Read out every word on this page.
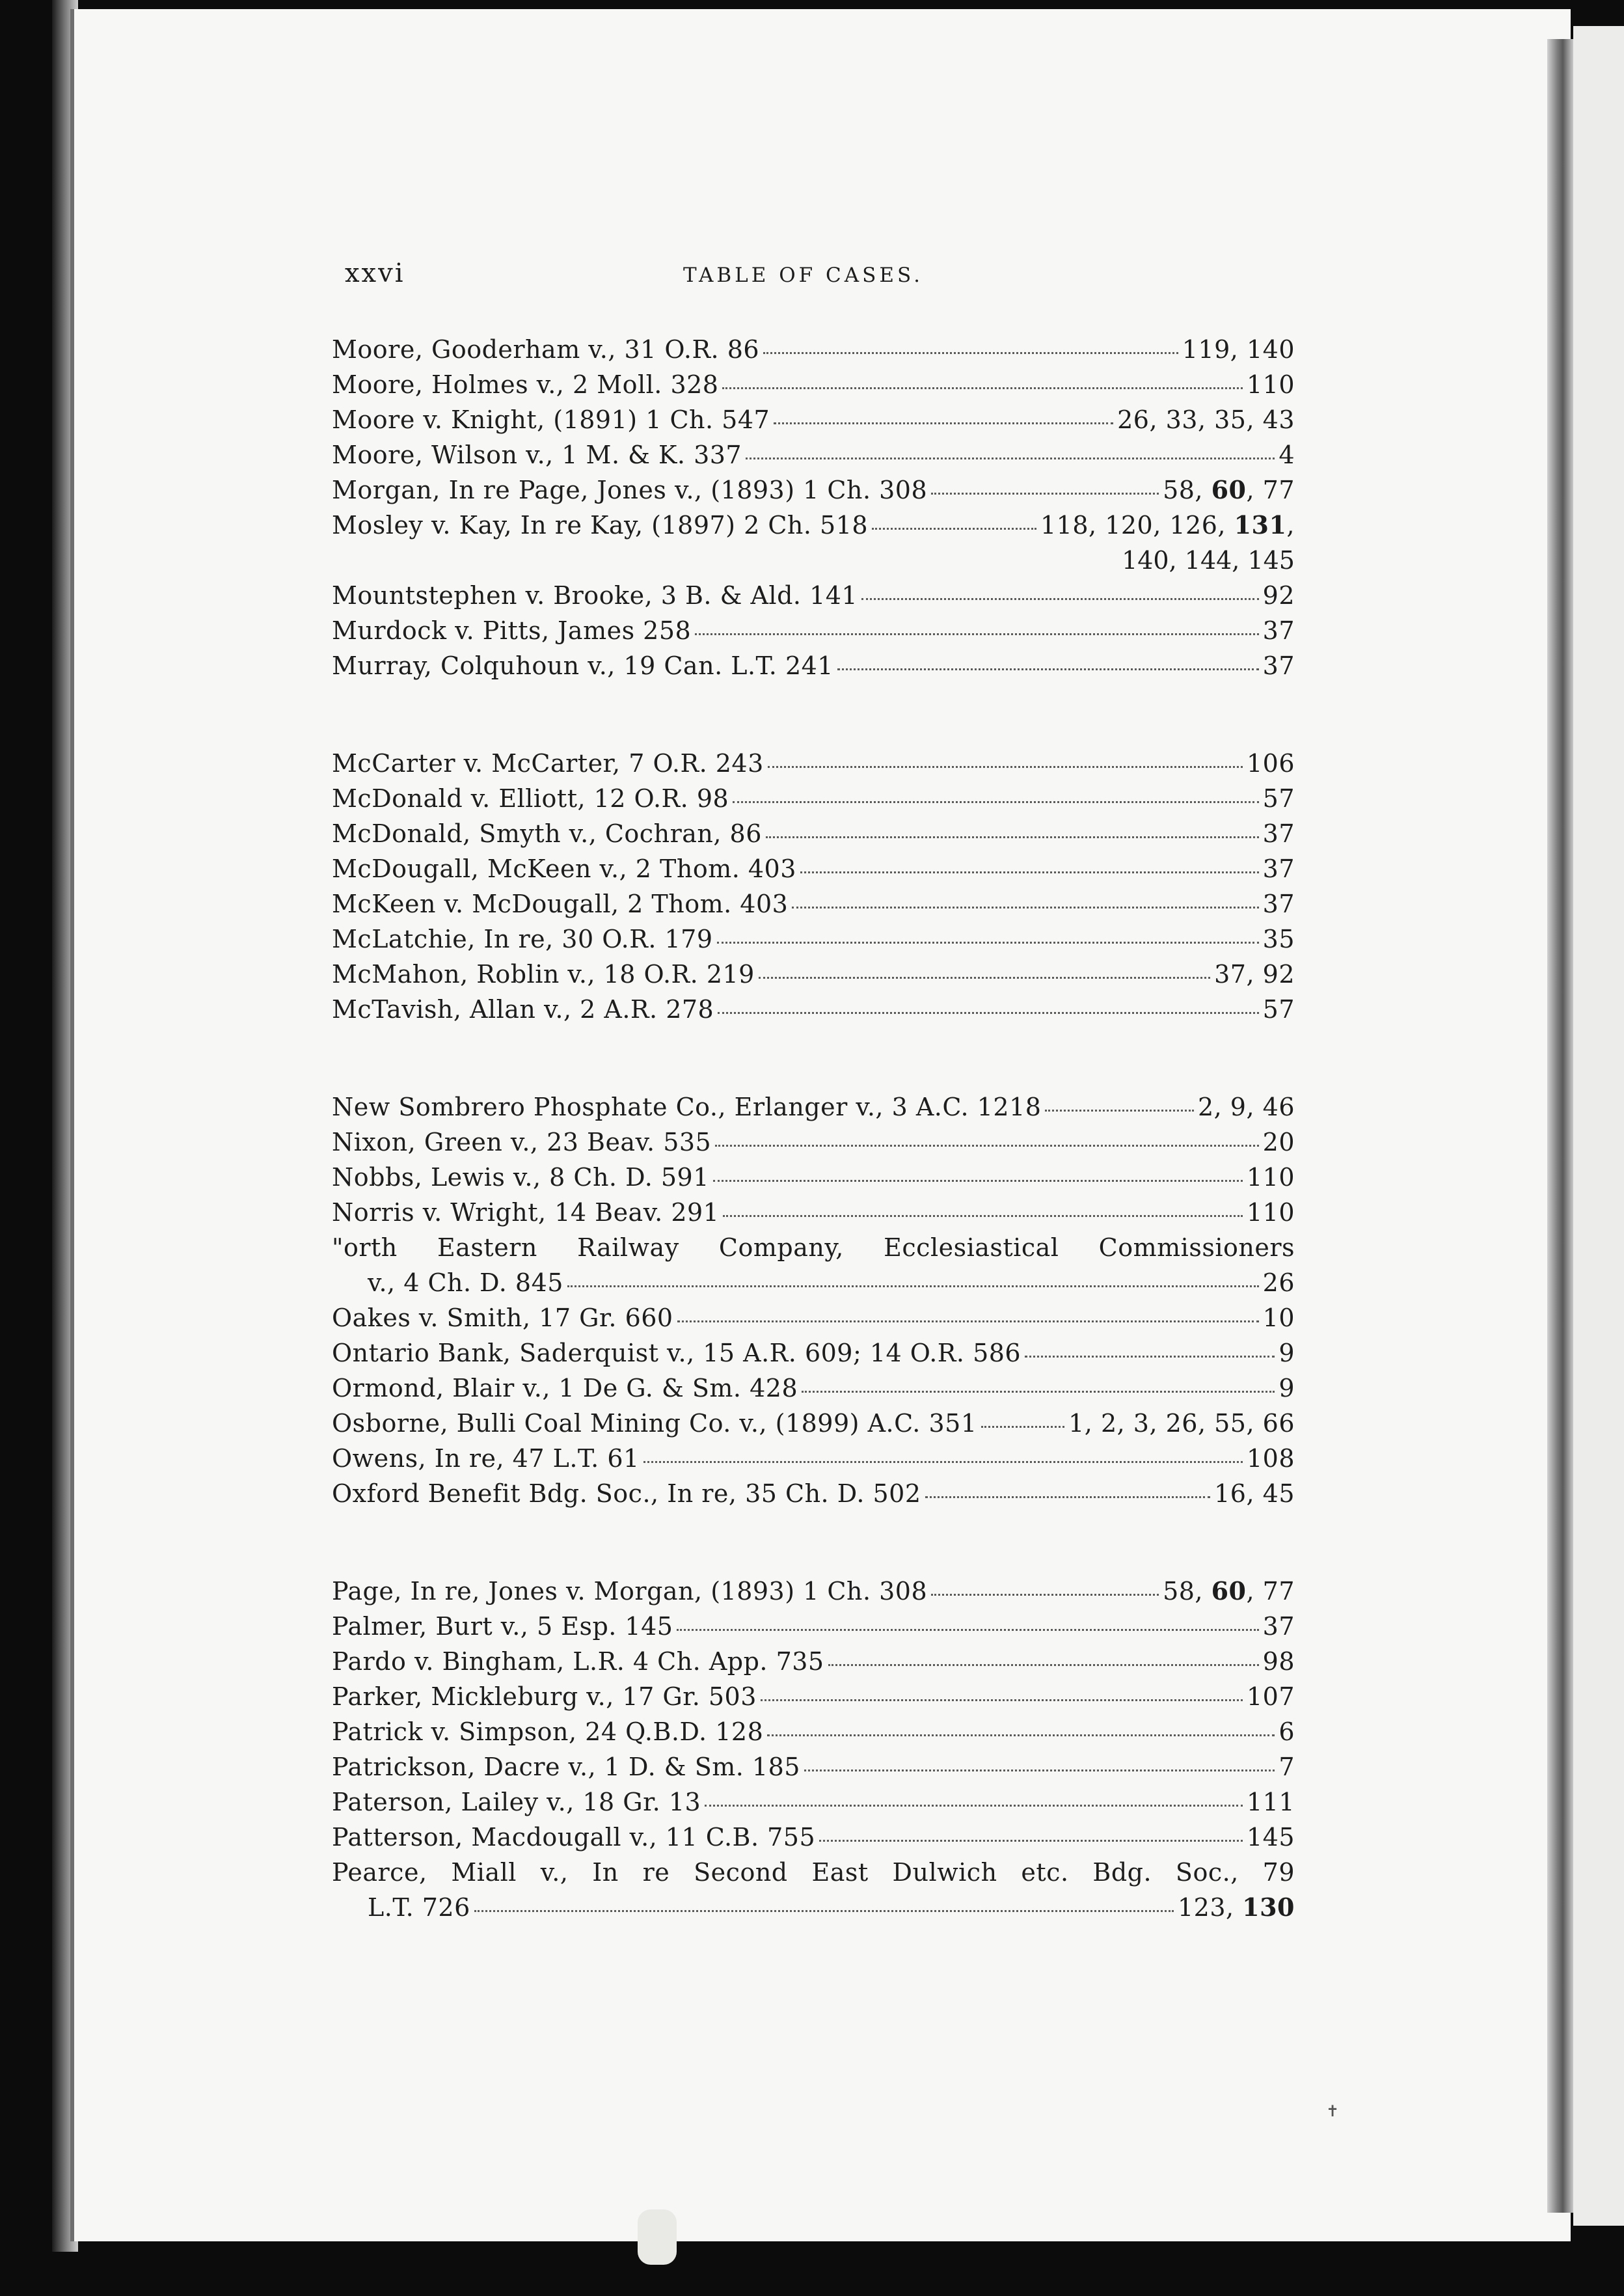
✝
xxvi	TABLE OF CASES.
Moore, Gooderham v., 31 O.R. 86	119, 140
Moore, Holmes v., 2 Moll. 328	110
Moore v. Knight, (1891) 1 Ch. 547	26, 33, 35, 43
Moore, Wilson v., 1 M. & K. 337	4
Morgan, In re Page, Jones v., (1893) 1 Ch. 308	58, 60, 77
Mosley v. Kay, In re Kay, (1897) 2 Ch. 518	118, 120, 126, 131,
140, 144, 145
Mountstephen v. Brooke, 3 B. & Ald. 141	92
Murdock v. Pitts, James 258	37
Murray, Colquhoun v., 19 Can. L.T. 241	37
McCarter v. McCarter, 7 O.R. 243	106
McDonald v. Elliott, 12 O.R. 98	57
McDonald, Smyth v., Cochran, 86	37
McDougall, McKeen v., 2 Thom. 403	37
McKeen v. McDougall, 2 Thom. 403	37
McLatchie, In re, 30 O.R. 179	35
McMahon, Roblin v., 18 O.R. 219	37, 92
McTavish, Allan v., 2 A.R. 278	57
New Sombrero Phosphate Co., Erlanger v., 3 A.C. 1218	2, 9, 46
Nixon, Green v., 23 Beav. 535	20
Nobbs, Lewis v., 8 Ch. D. 591	110
Norris v. Wright, 14 Beav. 291	110
"orth Eastern Railway Company, Ecclesiastical Commissioners
v., 4 Ch. D. 845	26
Oakes v. Smith, 17 Gr. 660	10
Ontario Bank, Saderquist v., 15 A.R. 609; 14 O.R. 586	9
Ormond, Blair v., 1 De G. & Sm. 428	9
Osborne, Bulli Coal Mining Co. v., (1899) A.C. 351	1, 2, 3, 26, 55, 66
Owens, In re, 47 L.T. 61	108
Oxford Benefit Bdg. Soc., In re, 35 Ch. D. 502	16, 45
Page, In re, Jones v. Morgan, (1893) 1 Ch. 308	58, 60, 77
Palmer, Burt v., 5 Esp. 145	37
Pardo v. Bingham, L.R. 4 Ch. App. 735	98
Parker, Mickleburg v., 17 Gr. 503	107
Patrick v. Simpson, 24 Q.B.D. 128	6
Patrickson, Dacre v., 1 D. & Sm. 185	7
Paterson, Lailey v., 18 Gr. 13	111
Patterson, Macdougall v., 11 C.B. 755	145
Pearce, Miall v., In re Second East Dulwich etc. Bdg. Soc., 79
L.T. 726	123, 130
